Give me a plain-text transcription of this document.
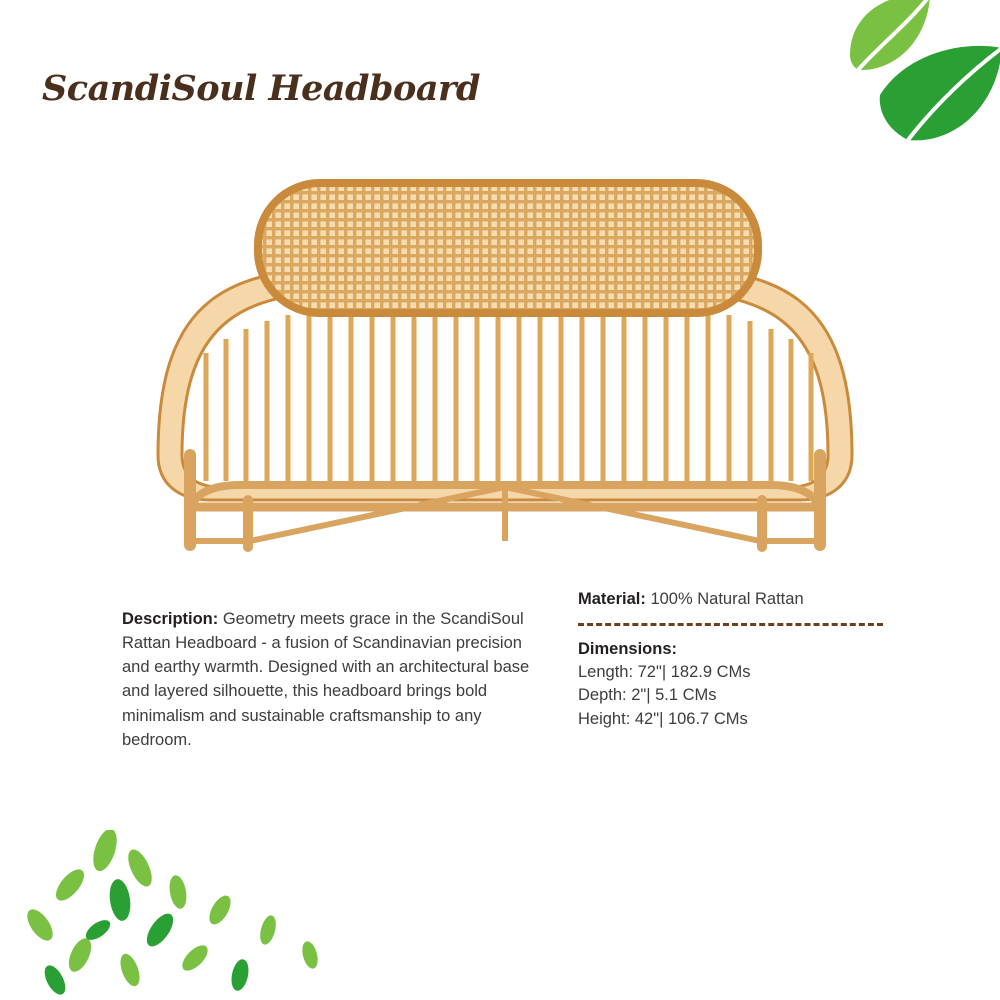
ScandiSoul Headboard

Description: Geometry meets grace in the ScandiSoul Rattan Headboard - a fusion of Scandinavian precision and earthy warmth. Designed with an architectural base and layered silhouette, this headboard brings bold minimalism and sustainable craftsmanship to any bedroom.

Material: 100% Natural Rattan
Dimensions:
Length: 72"| 182.9 CMs
Depth: 2"| 5.1 CMs
Height: 42"| 106.7 CMs
